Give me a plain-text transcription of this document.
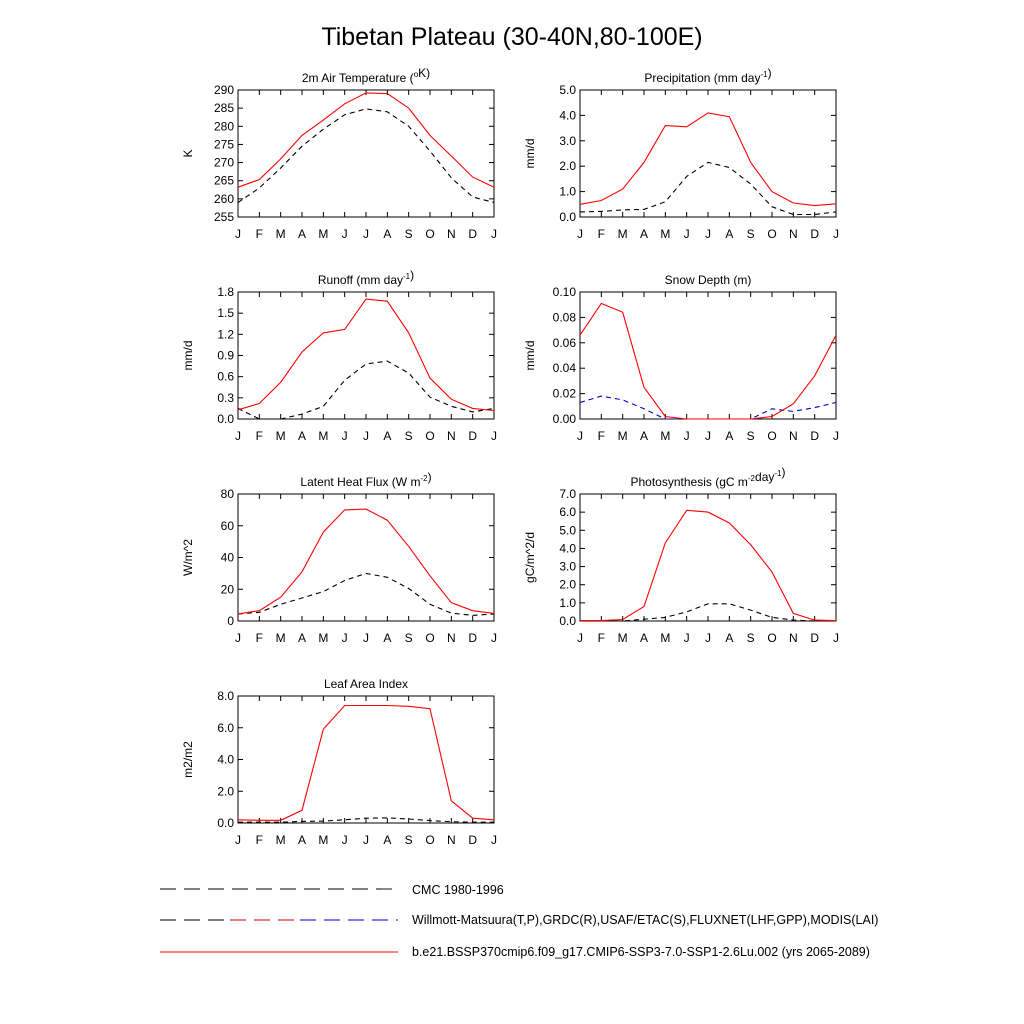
Tibetan Plateau (30-40N,80-100E)
2m Air Temperature ($^o$K)
255
260
265
270
275
280
285
290
J F M A M J J A S O N D J
K
Precipitation (mm day$^{-1}$)
0.0
1.0
2.0
3.0
4.0
5.0
J F M A M J J A S O N D J
mm/d
Runoff (mm day$^{-1}$)
0.0
0.3
0.6
0.9
1.2
1.5
1.8
J F M A M J J A S O N D J
mm/d
Snow Depth (m)
0.00
0.02
0.04
0.06
0.08
0.10
J F M A M J J A S O N D J
mm/d
Latent Heat Flux (W $m^{-2}$)
0
20
40
60
80
J F M A M J J A S O N D J
W/m^2
Photosynthesis (gC $m^{-2}day^{-1}$)
0.0
1.0
2.0
3.0
4.0
5.0
6.0
7.0
J F M A M J J A S O N D J
gC/m^2/d
Leaf Area Index
0.0
2.0
4.0
6.0
8.0
J F M A M J J A S O N D J
m2/m2
CMC 1980-1996
Willmott-Matsuura(T,P),GRDC(R),USAF/ETAC(S),FLUXNET(LHF,GPP),MODIS(LAI)
b.e21.BSSP370cmip6.f09_g17.CMIP6-SSP3-7.0-SSP1-2.6Lu.002 (yrs 2065-2089)
